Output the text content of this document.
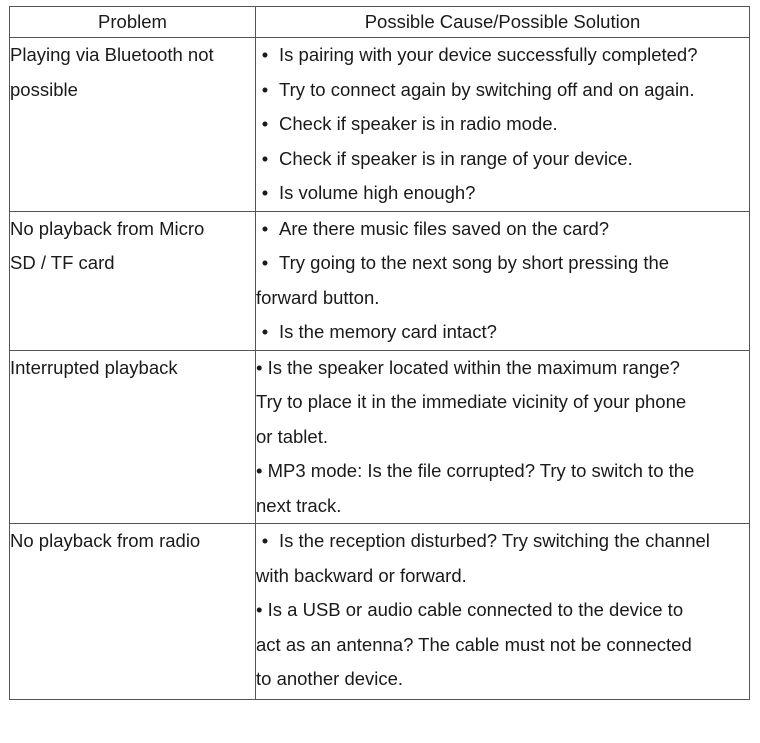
Problem	Possible Cause/Possible Solution

Playing via Bluetooth not
possible	• Is pairing with your device successfully completed?
• Try to connect again by switching off and on again.
• Check if speaker is in radio mode.
• Check if speaker is in range of your device.
• Is volume high enough?

No playback from Micro
SD / TF card	• Are there music files saved on the card?
• Try going to the next song by short pressing the
forward button.
• Is the memory card intact?

Interrupted playback	• Is the speaker located within the maximum range?
Try to place it in the immediate vicinity of your phone
or tablet.
• MP3 mode: Is the file corrupted? Try to switch to the
next track.

No playback from radio	• Is the reception disturbed? Try switching the channel
with backward or forward.
• Is a USB or audio cable connected to the device to
act as an antenna? The cable must not be connected
to another device.
